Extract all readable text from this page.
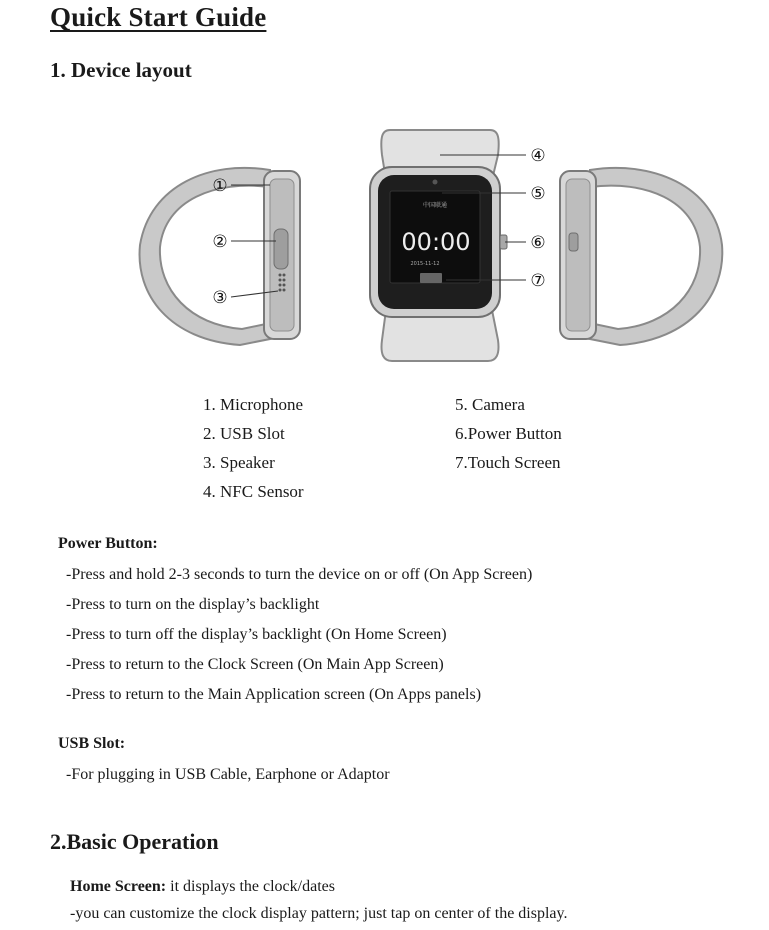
Quick Start Guide
1. Device layout
中国联通
00:00
2015-11-12
①
②
③
④
⑤
⑥
⑦
1. Microphone
2. USB Slot
3. Speaker
4. NFC Sensor
5. Camera
6.Power Button
7.Touch Screen
Power Button:
-Press and hold 2-3 seconds to turn the device on or off (On App Screen)
-Press to turn on the display’s backlight
-Press to turn off the display’s backlight (On Home Screen)
-Press to return to the Clock Screen (On Main App Screen)
-Press to return to the Main Application screen (On Apps panels)
USB Slot:
-For plugging in USB Cable, Earphone or Adaptor
2.Basic Operation
Home Screen: it displays the clock/dates
-you can customize the clock display pattern; just tap on center of the display.
